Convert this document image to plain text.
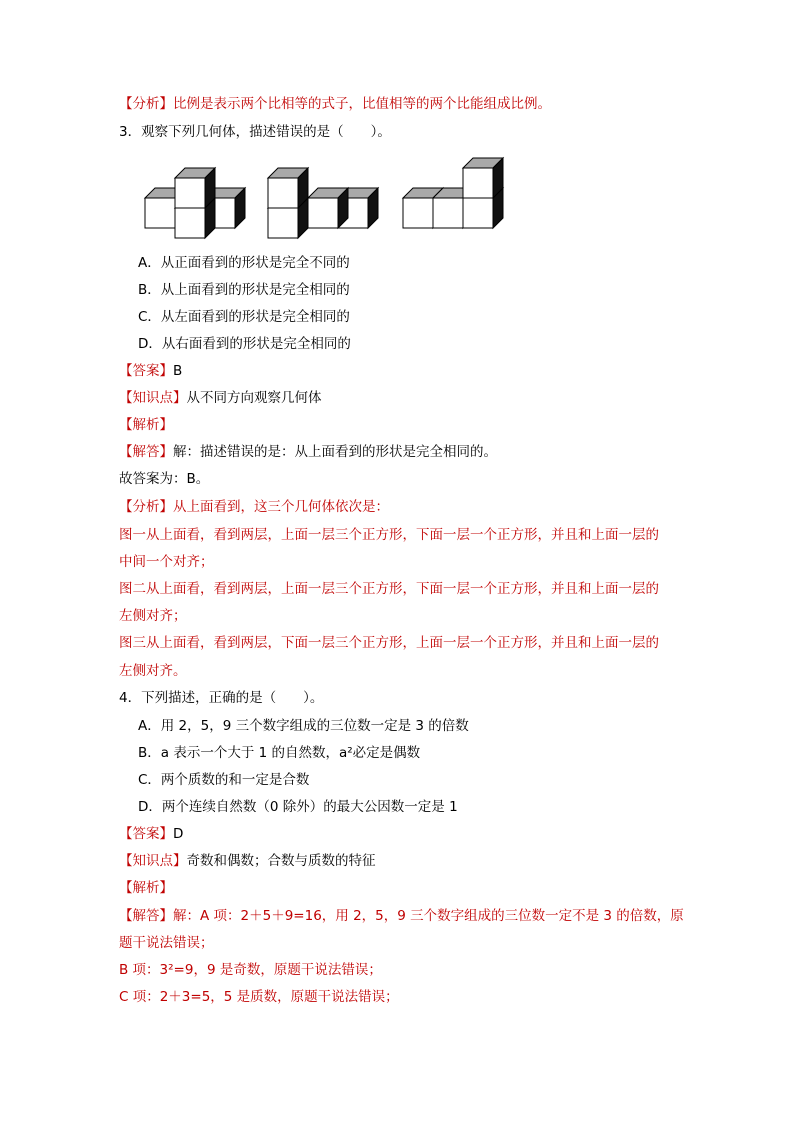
【分析】比例是表示两个比相等的式子，比值相等的两个比能组成比例。
3．观察下列几何体，描述错误的是（　　）。
A．从正面看到的形状是完全不同的
B．从上面看到的形状是完全相同的
C．从左面看到的形状是完全相同的
D．从右面看到的形状是完全相同的
【答案】B
【知识点】从不同方向观察几何体
【解析】
【解答】解：描述错误的是：从上面看到的形状是完全相同的。
故答案为：B。
【分析】从上面看到，这三个几何体依次是：
图一从上面看，看到两层，上面一层三个正方形，下面一层一个正方形，并且和上面一层的
中间一个对齐；
图二从上面看，看到两层，上面一层三个正方形，下面一层一个正方形，并且和上面一层的
左侧对齐；
图三从上面看，看到两层，下面一层三个正方形，上面一层一个正方形，并且和上面一层的
左侧对齐。
4．下列描述，正确的是（　　）。
A．用 2，5，9 三个数字组成的三位数一定是 3 的倍数
B．a 表示一个大于 1 的自然数，a²必定是偶数
C．两个质数的和一定是合数
D．两个连续自然数（0 除外）的最大公因数一定是 1
【答案】D
【知识点】奇数和偶数；合数与质数的特征
【解析】
【解答】解：A 项：2＋5＋9=16，用 2，5，9 三个数字组成的三位数一定不是 3 的倍数，原
题干说法错误；
B 项：3²=9，9 是奇数，原题干说法错误；
C 项：2＋3=5，5 是质数，原题干说法错误；
